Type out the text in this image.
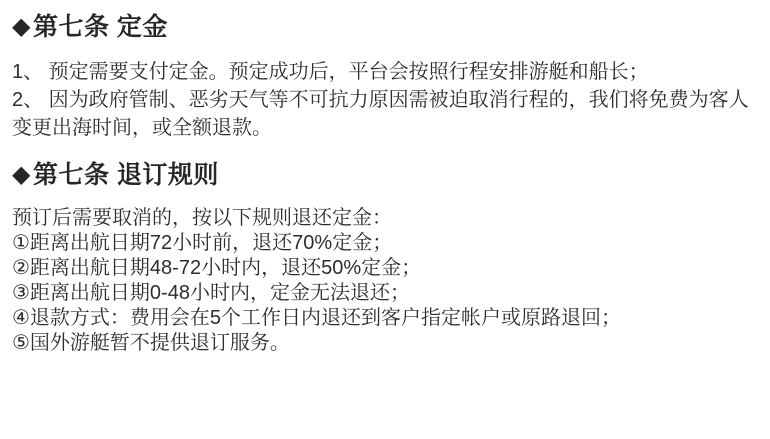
◆ 第七条 定金
1、 预定需要支付定金。预定成功后，平台会按照行程安排游艇和船长；
2、 因为政府管制、恶劣天气等不可抗力原因需被迫取消行程的，我们将免费为客人变更出海时间，或全额退款。
◆ 第七条 退订规则
预订后需要取消的，按以下规则退还定金：
①距离出航日期72小时前，退还70%定金；
②距离出航日期48-72小时内，退还50%定金；
③距离出航日期0-48小时内，定金无法退还；
④退款方式：费用会在5个工作日内退还到客户指定帐户或原路退回；
⑤国外游艇暂不提供退订服务。
